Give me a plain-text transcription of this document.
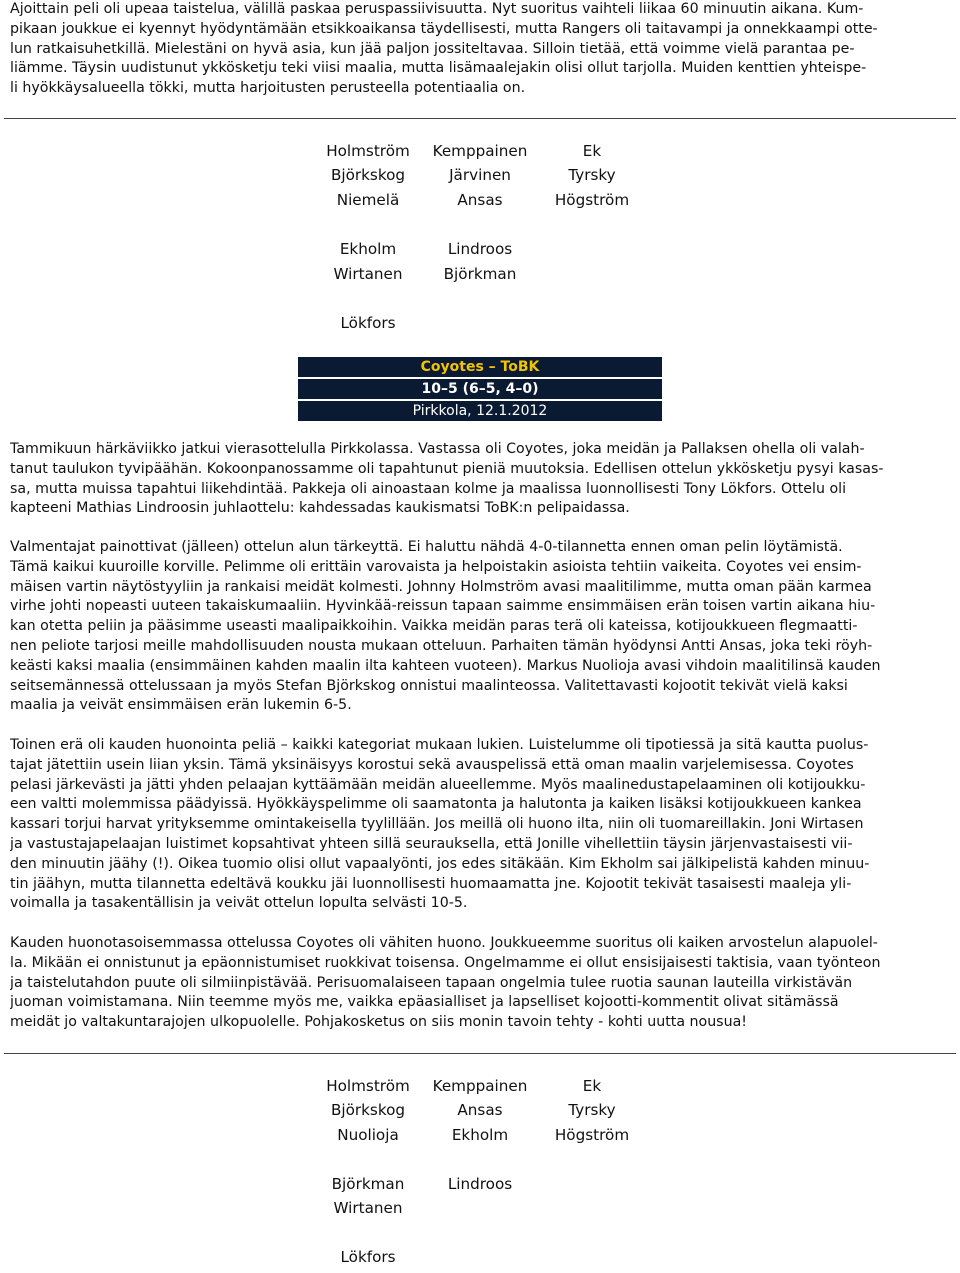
Ajoittain peli oli upeaa taistelua, välillä paskaa peruspassiivisuutta. Nyt suoritus vaihteli liikaa 60 minuutin aikana. Kum-
pikaan joukkue ei kyennyt hyödyntämään etsikkoaikansa täydellisesti, mutta Rangers oli taitavampi ja onnekkaampi otte-
lun ratkaisuhetkillä. Mielestäni on hyvä asia, kun jää paljon jossiteltavaa. Silloin tietää, että voimme vielä parantaa pe-
liämme. Täysin uudistunut ykkösketju teki viisi maalia, mutta lisämaalejakin olisi ollut tarjolla. Muiden kenttien yhteispe-
li hyökkäysalueella tökki, mutta harjoitusten perusteella potentiaalia on.
Holmström	Kemppainen	Ek
Björkskog	Järvinen	Tyrsky
Niemelä	Ansas	Högström
Ekholm	Lindroos
Wirtanen	Björkman
Lökfors
Coyotes – ToBK
10–5 (6–5, 4–0)
Pirkkola, 12.1.2012
Tammikuun härkäviikko jatkui vierasottelulla Pirkkolassa. Vastassa oli Coyotes, joka meidän ja Pallaksen ohella oli valah-
tanut taulukon tyvipäähän. Kokoonpanossamme oli tapahtunut pieniä muutoksia. Edellisen ottelun ykkösketju pysyi kasas-
sa, mutta muissa tapahtui liikehdintää. Pakkeja oli ainoastaan kolme ja maalissa luonnollisesti Tony Lökfors. Ottelu oli
kapteeni Mathias Lindroosin juhlaottelu: kahdessadas kaukismatsi ToBK:n pelipaidassa.
Valmentajat painottivat (jälleen) ottelun alun tärkeyttä. Ei haluttu nähdä 4-0-tilannetta ennen oman pelin löytämistä.
Tämä kaikui kuuroille korville. Pelimme oli erittäin varovaista ja helpoistakin asioista tehtiin vaikeita. Coyotes vei ensim-
mäisen vartin näytöstyyliin ja rankaisi meidät kolmesti. Johnny Holmström avasi maalitilimme, mutta oman pään karmea
virhe johti nopeasti uuteen takaiskumaaliin. Hyvinkää-reissun tapaan saimme ensimmäisen erän toisen vartin aikana hiu-
kan otetta peliin ja pääsimme useasti maalipaikkoihin. Vaikka meidän paras terä oli kateissa, kotijoukkueen flegmaatti-
nen peliote tarjosi meille mahdollisuuden nousta mukaan otteluun. Parhaiten tämän hyödynsi Antti Ansas, joka teki röyh-
keästi kaksi maalia (ensimmäinen kahden maalin ilta kahteen vuoteen). Markus Nuolioja avasi vihdoin maalitilinsä kauden
seitsemännessä ottelussaan ja myös Stefan Björkskog onnistui maalinteossa. Valitettavasti kojootit tekivät vielä kaksi
maalia ja veivät ensimmäisen erän lukemin 6-5.
Toinen erä oli kauden huonointa peliä – kaikki kategoriat mukaan lukien. Luistelumme oli tipotiessä ja sitä kautta puolus-
tajat jätettiin usein liian yksin. Tämä yksinäisyys korostui sekä avauspelissä että oman maalin varjelemisessa. Coyotes
pelasi järkevästi ja jätti yhden pelaajan kyttäämään meidän alueellemme. Myös maalinedustapelaaminen oli kotijoukku-
een valtti molemmissa päädyissä. Hyökkäyspelimme oli saamatonta ja halutonta ja kaiken lisäksi kotijoukkueen kankea
kassari torjui harvat yrityksemme omintakeisella tyylillään. Jos meillä oli huono ilta, niin oli tuomareillakin. Joni Wirtasen
ja vastustajapelaajan luistimet kopsahtivat yhteen sillä seurauksella, että Jonille vihellettiin täysin järjenvastaisesti vii-
den minuutin jäähy (!). Oikea tuomio olisi ollut vapaalyönti, jos edes sitäkään. Kim Ekholm sai jälkipelistä kahden minuu-
tin jäähyn, mutta tilannetta edeltävä koukku jäi luonnollisesti huomaamatta jne. Kojootit tekivät tasaisesti maaleja yli-
voimalla ja tasakentällisin ja veivät ottelun lopulta selvästi 10-5.
Kauden huonotasoisemmassa ottelussa Coyotes oli vähiten huono. Joukkueemme suoritus oli kaiken arvostelun alapuolel-
la. Mikään ei onnistunut ja epäonnistumiset ruokkivat toisensa. Ongelmamme ei ollut ensisijaisesti taktisia, vaan työnteon
ja taistelutahdon puute oli silmiinpistävää. Perisuomalaiseen tapaan ongelmia tulee ruotia saunan lauteilla virkistävän
juoman voimistamana. Niin teemme myös me, vaikka epäasialliset ja lapselliset kojootti-kommentit olivat sitämässä
meidät jo valtakuntarajojen ulkopuolelle. Pohjakosketus on siis monin tavoin tehty - kohti uutta nousua!
Holmström	Kemppainen	Ek
Björkskog	Ansas	Tyrsky
Nuolioja	Ekholm	Högström
Björkman	Lindroos
Wirtanen
Lökfors
